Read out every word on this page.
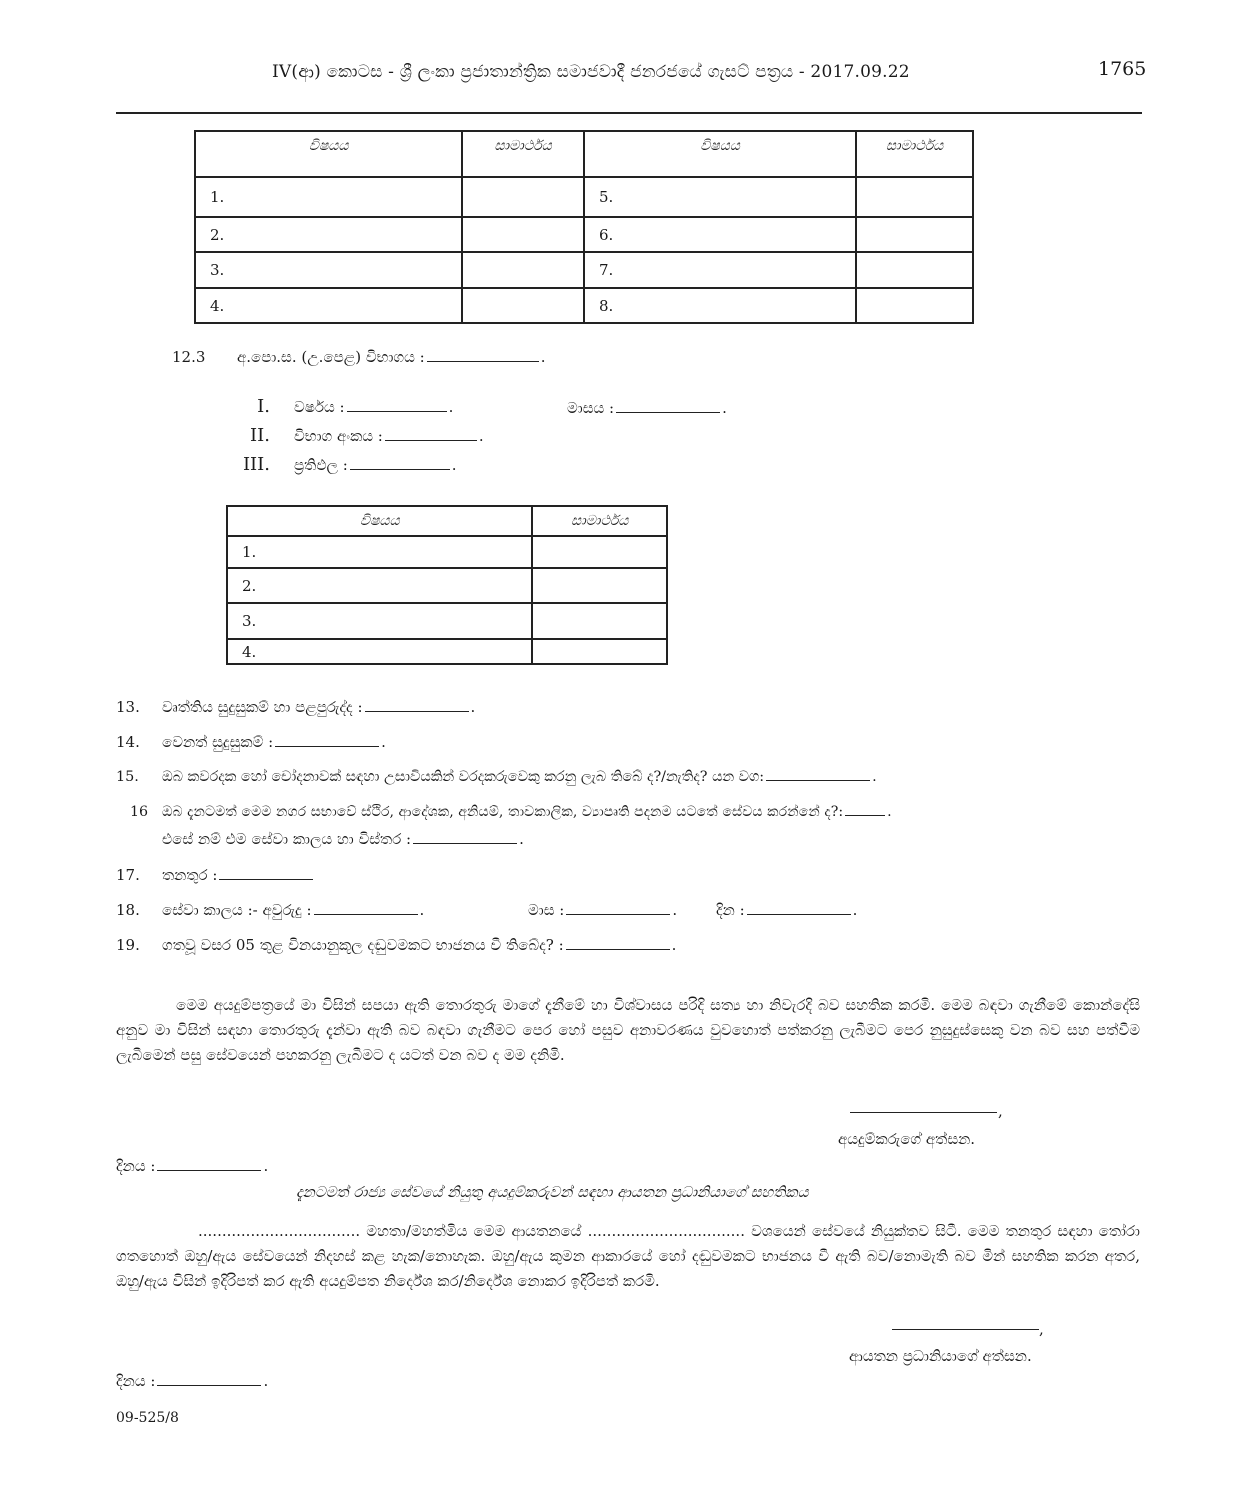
IV(ආ) කොටස - ශ්‍රී ලංකා ප්‍රජාතාන්ත්‍රික සමාජවාදී ජනරජයේ ගැසට් පත්‍රය - 2017.09.22	1765
විෂයය	සාමාර්ථය	විෂයය	සාමාර්ථය
1.		5.	
2.		6.	
3.		7.	
4.		8.	
12.3 අ.පො.ස. (උ.පෙළ) විභාගය :	.
I. වර්ෂය :	.	මාසය :	.
II. විභාග අංකය :	.
III. ප්‍රතිඵල :	.
විෂයය	සාමාර්ථය
1.	
2.	
3.	
4.	
13. වෘත්තිය සුදුසුකම් හා පළපුරුද්ද :	.
14. වෙනත් සුදුසුකම් :	.
15. ඔබ කවරදක හෝ චෝදනාවක් සඳහා උසාවියකින් වරදකරුවෙකු කරනු ලැබ තිබේ ද?/නැතිද? යන වග:	.
16 ඔබ දැනටමත් මෙම නගර සභාවේ ස්ථිර, ආදේශක, අනියම්, තාවකාලික, ව්‍යාපෘති පදනම යටතේ සේවය කරන්නේ ද?:	.
එසේ නම් එම සේවා කාලය හා විස්තර :	.
17. තනතුර :
18. සේවා කාලය :- අවුරුදු :	.	මාස :	.	දින :	.
19. ගතවූ වසර 05 තුළ විනයානුකූල දඬුවමකට භාජනය වී තිබේද? :	.
මෙම අයදුම්පත්‍රයේ මා විසින් සපයා ඇති තොරතුරු මාගේ දැනීමේ හා විශ්වාසය පරිදි සත්‍ය හා නිවැරදි බව සහතික කරමි. මෙම බඳවා ගැනීමේ කොන්දේසි අනුව මා විසින් සඳහා තොරතුරු දැන්වා ඇති බව බඳවා ගැනීමට පෙර හෝ පසුව අනාවරණය වුවහොත් පත්කරනු ලැබීමට පෙර නුසුදුස්සෙකු වන බව සහ පත්වීම ලැබීමෙන් පසු සේවයෙන් පහකරනු ලැබීමට ද යටත් වන බව ද මම දනිමි.
,
අයදුම්කරුගේ අත්සන.
දිනය :	.
දැනටමත් රාජ්‍ය සේවයේ නියුතු අයදුම්කරුවන් සඳහා ආයතන ප්‍රධානියාගේ සහතිකය
.................................. මහතා/මහත්මිය මෙම ආයතනයේ ................................. වශයෙන් සේවයේ නියුක්තව සිටී. මෙම තනතුර සඳහා තෝරා ගතහොත් ඔහු/ඇය සේවයෙන් නිදහස් කළ හැක/නොහැක. ඔහු/ඇය කුමන ආකාරයේ හෝ දඬුවමකට භාජනය වී ඇති බව/නොමැති බව මින් සහතික කරන අතර, ඔහු/ඇය විසින් ඉදිරිපත් කර ඇති අයදුම්පත නිර්දේශ කර/නිර්දේශ නොකර ඉදිරිපත් කරමි.
,
ආයතන ප්‍රධානියාගේ අත්සන.
දිනය :	.
09-525/8
